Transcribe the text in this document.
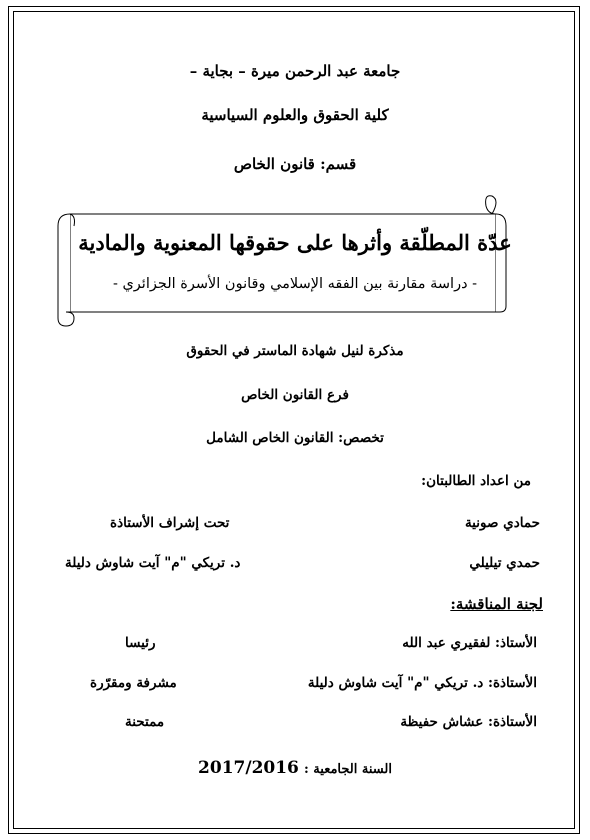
جامعة عبد الرحمن ميرة – بجاية –
كلية الحقوق والعلوم السياسية
قسم: قانون الخاص
عدّة المطلّقة وأثرها على حقوقها المعنوية والمادية
- دراسة مقارنة بين الفقه الإسلامي وقانون الأسرة الجزائري -
مذكرة لنيل شهادة الماستر في الحقوق
فرع القانون الخاص
تخصص: القانون الخاص الشامل
من اعداد الطالبتان:
حمادي صونية
تحت إشراف الأستاذة
حمدي تيليلي
د. تريكي "م" آيت شاوش دليلة
لجنة المناقشة:
الأستاذ: لفقيري عبد الله
رئيسا
الأستاذة: د. تريكي "م" آيت شاوش دليلة
مشرفة ومقرّرة
الأستاذة: عشاش حفيظة
ممتحنة
2017/2016 السنة الجامعية :
